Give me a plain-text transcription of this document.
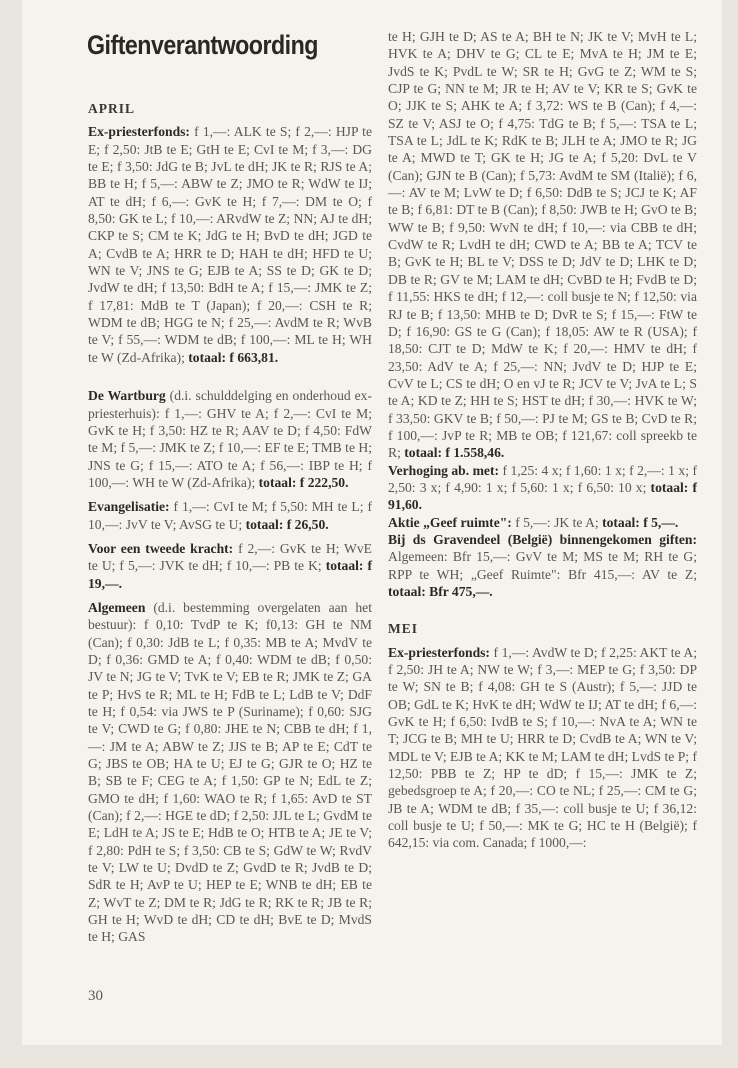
Giftenverantwoording
APRIL

Ex-priesterfonds: f 1,—: ALK te S; f 2,—: HJP te E; f 2,50: JtB te E; GtH te E; CvI te M; f 3,—: DG te E; f 3,50: JdG te B; JvL te dH; JK te R; RJS te A; BB te H; f 5,—: ABW te Z; JMO te R; WdW te IJ; AT te dH; f 6,—: GvK te H; f 7,—: DM te O; f 8,50: GK te L; f 10,—: ARvdW te Z; NN; AJ te dH; CKP te S; CM te K; JdG te H; BvD te dH; JGD te A; CvdB te A; HRR te D; HAH te dH; HFD te U; WN te V; JNS te G; EJB te A; SS te D; GK te D; JvdW te dH; f 13,50: BdH te A; f 15,—: JMK te Z; f 17,81: MdB te T (Japan); f 20,—: CSH te R; WDM te dB; HGG te N; f 25,—: AvdM te R; WvB te V; f 55,—: WDM te dB; f 100,—: ML te H; WH te W (Zd-Afrika); totaal: f 663,81.

De Wartburg (d.i. schulddelging en onderhoud ex-priesterhuis): f 1,—: GHV te A; f 2,—: CvI te M; GvK te H; f 3,50: HZ te R; AAV te D; f 4,50: FdW te M; f 5,—: JMK te Z; f 10,—: EF te E; TMB te H; JNS te G; f 15,—: ATO te A; f 56,—: IBP te H; f 100,—: WH te W (Zd-Afrika); totaal: f 222,50.

Evangelisatie: f 1,—: CvI te M; f 5,50: MH te L; f 10,—: JvV te V; AvSG te U; totaal: f 26,50.

Voor een tweede kracht: f 2,—: GvK te H; WvE te U; f 5,—: JVK te dH; f 10,—: PB te K; totaal: f 19,—.

Algemeen (d.i. bestemming overgelaten aan het bestuur): f 0,10: TvdP te K; f0,13: GH te NM (Can); f 0,30: JdB te L; f 0,35: MB te A; MvdV te D; f 0,36: GMD te A; f 0,40: WDM te dB; f 0,50: JV te N; JG te V; TvK te V; EB te R; JMK te Z; GA te P; HvS te R; ML te H; FdB te L; LdB te V; DdF te H; f 0,54: via JWS te P (Suriname); f 0,60: SJG te V; CWD te G; f 0,80: JHE te N; CBB te dH; f 1,—: JM te A; ABW te Z; JJS te B; AP te E; CdT te G; JBS te OB; HA te U; EJ te G; GJR te O; HZ te B; SB te F; CEG te A; f 1,50: GP te N; EdL te Z; GMO te dH; f 1,60: WAO te R; f 1,65: AvD te ST (Can); f 2,—: HGE te dD; f 2,50: JJL te L; GvdM te E; LdH te A; JS te E; HdB te O; HTB te A; JE te V; f 2,80: PdH te S; f 3,50: CB te S; GdW te W; RvdV te V; LW te U; DvdD te Z; GvdD te R; JvdB te D; SdR te H; AvP te U; HEP te E; WNB te dH; EB te Z; WvT te Z; DM te R; JdG te R; RK te R; JB te R; GH te H; WvD te dH; CD te dH; BvE te D; MvdS te H; GAS

30

te H; GJH te D; AS te A; BH te N; JK te V; MvH te L; HVK te A; DHV te G; CL te E; MvA te H; JM te E; JvdS te K; PvdL te W; SR te H; GvG te Z; WM te S; CJP te G; NN te M; JR te H; AV te V; KR te S; GvK te O; JJK te S; AHK te A; f 3,72: WS te B (Can); f 4,—: SZ te V; ASJ te O; f 4,75: TdG te B; f 5,—: TSA te L; TSA te L; JdL te K; RdK te B; JLH te A; JMO te R; JG te A; MWD te T; GK te H; JG te A; f 5,20: DvL te V (Can); GJN te B (Can); f 5,73: AvdM te SM (Italië); f 6,—: AV te M; LvW te D; f 6,50: DdB te S; JCJ te K; AF te B; f 6,81: DT te B (Can); f 8,50: JWB te H; GvO te B; WW te B; f 9,50: WvN te dH; f 10,—: via CBB te dH; CvdW te R; LvdH te dH; CWD te A; BB te A; TCV te B; GvK te H; BL te V; DSS te D; JdV te D; LHK te D; DB te R; GV te M; LAM te dH; CvBD te H; FvdB te D; f 11,55: HKS te dH; f 12,—: coll busje te N; f 12,50: via RJ te B; f 13,50: MHB te D; DvR te S; f 15,—: FtW te D; f 16,90: GS te G (Can); f 18,05: AW te R (USA); f 18,50: CJT te D; MdW te K; f 20,—: HMV te dH; f 23,50: AdV te A; f 25,—: NN; JvdV te D; HJP te E; CvV te L; CS te dH; O en vJ te R; JCV te V; JvA te L; S te A; KD te Z; HH te S; HST te dH; f 30,—: HVK te W; f 33,50: GKV te B; f 50,—: PJ te M; GS te B; CvD te R; f 100,—: JvP te R; MB te OB; f 121,67: coll spreekb te R; totaal: f 1.558,46.

Verhoging ab. met: f 1,25: 4 x; f 1,60: 1 x; f 2,—: 1 x; f 2,50: 3 x; f 4,90: 1 x; f 5,60: 1 x; f 6,50: 10 x; totaal: f 91,60.

Aktie „Geef ruimte": f 5,—: JK te A; totaal: f 5,—.

Bij ds Gravendeel (België) binnengekomen giften: Algemeen: Bfr 15,—: GvV te M; MS te M; RH te G; RPP te WH; „Geef Ruimte": Bfr 415,—: AV te Z; totaal: Bfr 475,—.

MEI

Ex-priesterfonds: f 1,—: AvdW te D; f 2,25: AKT te A; f 2,50: JH te A; NW te W; f 3,—: MEP te G; f 3,50: DP te W; SN te B; f 4,08: GH te S (Austr); f 5,—: JJD te OB; GdL te K; HvK te dH; WdW te IJ; AT te dH; f 6,—: GvK te H; f 6,50: IvdB te S; f 10,—: NvA te A; WN te T; JCG te B; MH te U; HRR te D; CvdB te A; WN te V; MDL te V; EJB te A; KK te M; LAM te dH; LvdS te P; f 12,50: PBB te Z; HP te dD; f 15,—: JMK te Z; gebedsgroep te A; f 20,—: CO te NL; f 25,—: CM te G; JB te A; WDM te dB; f 35,—: coll busje te U; f 36,12: coll busje te U; f 50,—: MK te G; HC te H (België); f 642,15: via com. Canada; f 1000,—:
